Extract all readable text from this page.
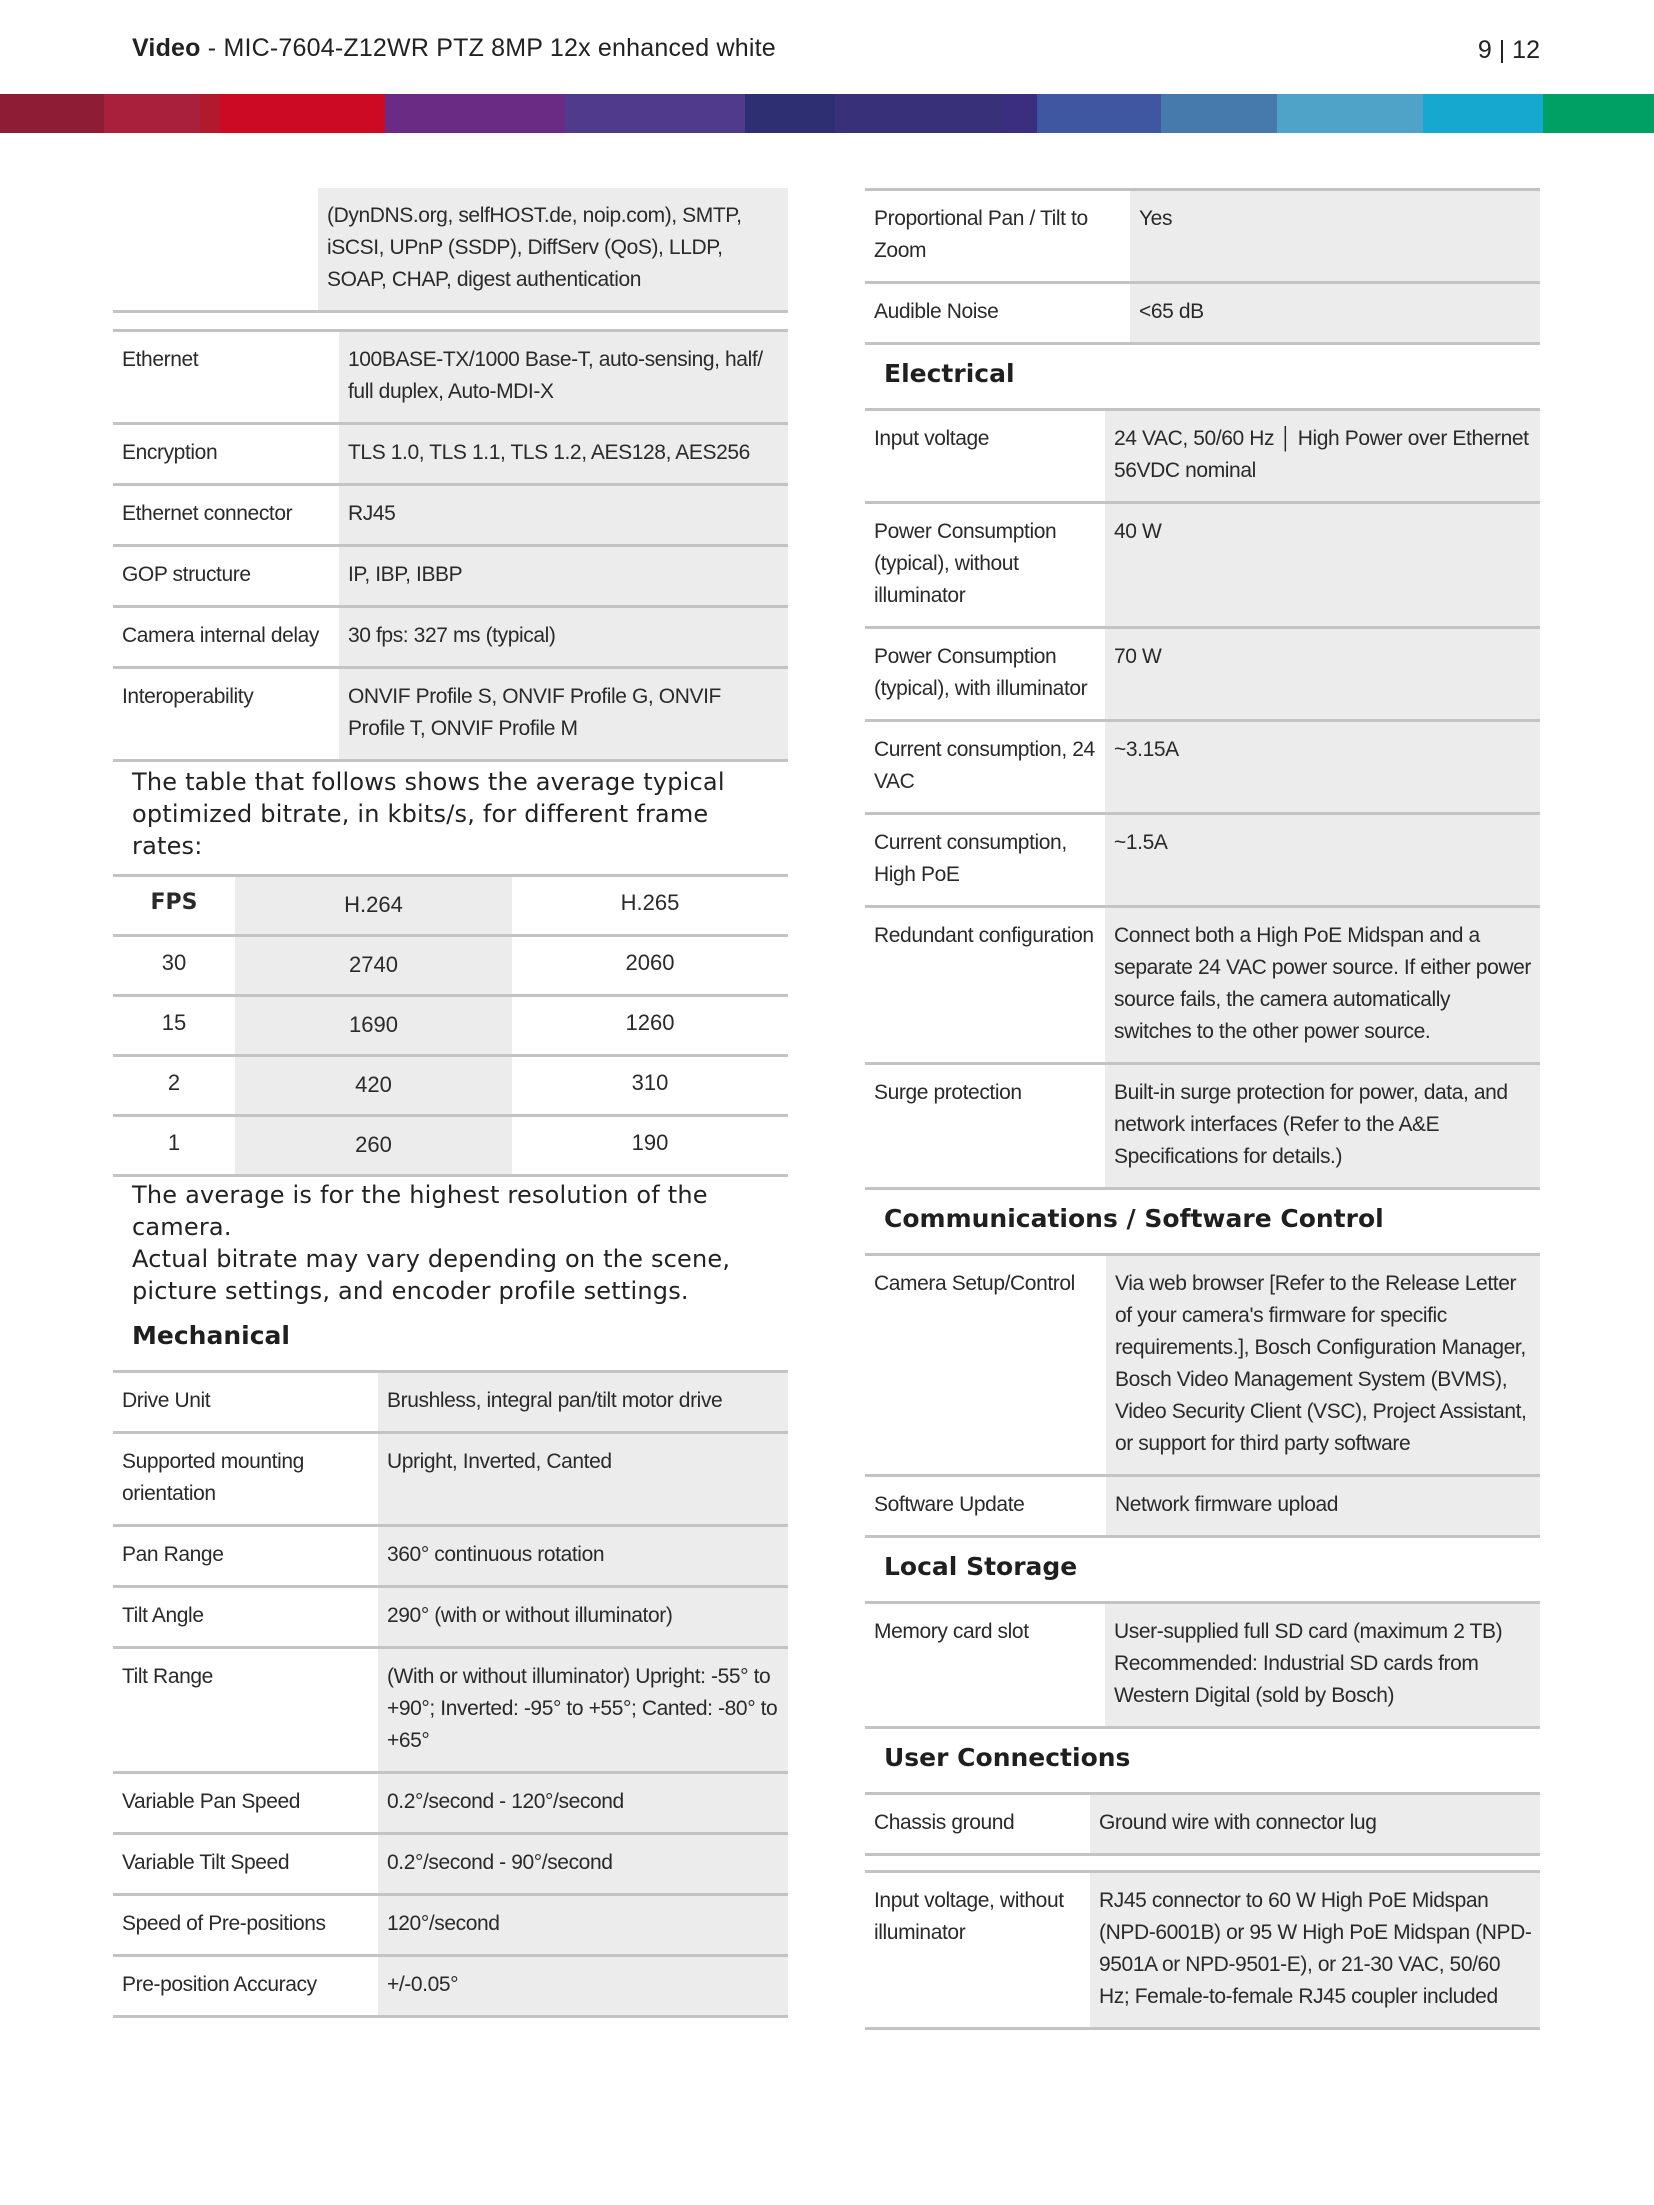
Video - MIC-7604-Z12WR PTZ 8MP 12x enhanced white	9 | 12
	(DynDNS.org, selfHOST.de, noip.com), SMTP, iSCSI, UPnP (SSDP), DiffServ (QoS), LLDP, SOAP, CHAP, digest authentication
Ethernet	100BASE-TX/1000 Base-T, auto-sensing, half/ full duplex, Auto-MDI-X
Encryption	TLS 1.0, TLS 1.1, TLS 1.2, AES128, AES256
Ethernet connector	RJ45
GOP structure	IP, IBP, IBBP
Camera internal delay	30 fps: 327 ms (typical)
Interoperability	ONVIF Profile S, ONVIF Profile G, ONVIF Profile T, ONVIF Profile M
The table that follows shows the average typical optimized bitrate, in kbits/s, for different frame rates:
FPS	H.264	H.265
30	2740	2060
15	1690	1260
2	420	310
1	260	190
The average is for the highest resolution of the camera.
Actual bitrate may vary depending on the scene, picture settings, and encoder profile settings.
Mechanical
Drive Unit	Brushless, integral pan/tilt motor drive
Supported mounting orientation	Upright, Inverted, Canted
Pan Range	360° continuous rotation
Tilt Angle	290° (with or without illuminator)
Tilt Range	(With or without illuminator) Upright: -55° to +90°; Inverted: -95° to +55°; Canted: -80° to +65°
Variable Pan Speed	0.2°/second - 120°/second
Variable Tilt Speed	0.2°/second - 90°/second
Speed of Pre-positions	120°/second
Pre-position Accuracy	+/-0.05°
Proportional Pan / Tilt to Zoom	Yes
Audible Noise	<65 dB
Electrical
Input voltage	24 VAC, 50/60 Hz │ High Power over Ethernet 56VDC nominal
Power Consumption (typical), without illuminator	40 W
Power Consumption (typical), with illuminator	70 W
Current consumption, 24 VAC	~3.15A
Current consumption, High PoE	~1.5A
Redundant configuration	Connect both a High PoE Midspan and a separate 24 VAC power source. If either power source fails, the camera automatically switches to the other power source.
Surge protection	Built-in surge protection for power, data, and network interfaces (Refer to the A&E Specifications for details.)
Communications / Software Control
Camera Setup/Control	Via web browser [Refer to the Release Letter of your camera's firmware for specific requirements.], Bosch Configuration Manager, Bosch Video Management System (BVMS), Video Security Client (VSC), Project Assistant, or support for third party software
Software Update	Network firmware upload
Local Storage
Memory card slot	User-supplied full SD card (maximum 2 TB) Recommended: Industrial SD cards from Western Digital (sold by Bosch)
User Connections
Chassis ground	Ground wire with connector lug
Input voltage, without illuminator	RJ45 connector to 60 W High PoE Midspan (NPD-6001B) or 95 W High PoE Midspan (NPD-9501A or NPD-9501-E), or 21-30 VAC, 50/60 Hz; Female-to-female RJ45 coupler included
